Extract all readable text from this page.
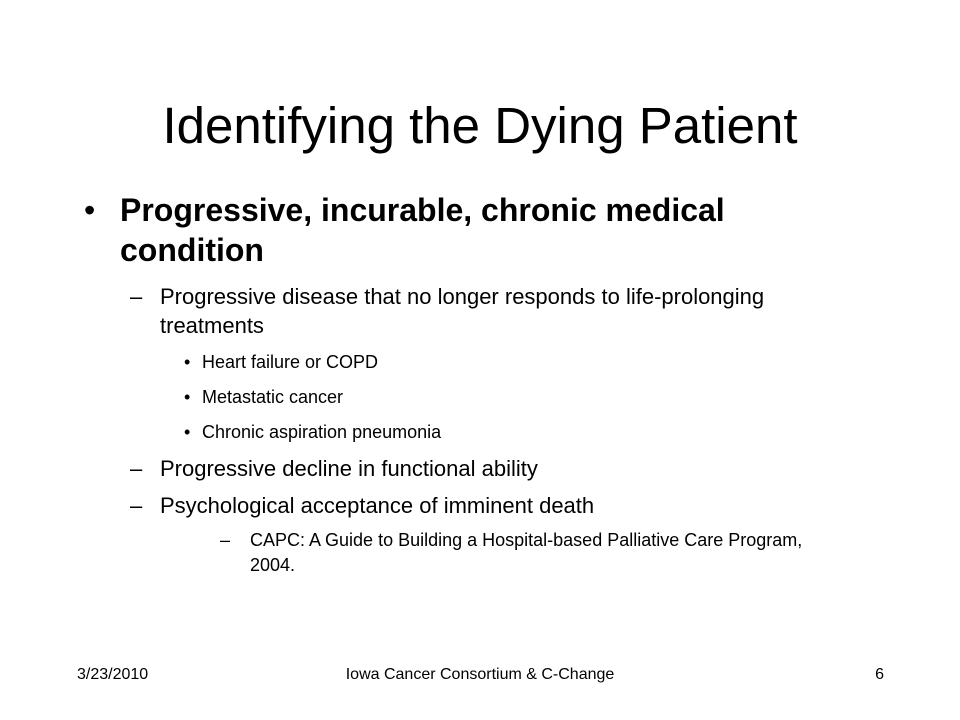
Identifying the Dying Patient
• Progressive, incurable, chronic medical condition
– Progressive disease that no longer responds to life-prolonging treatments
• Heart failure or COPD
• Metastatic cancer
• Chronic aspiration pneumonia
– Progressive decline in functional ability
– Psychological acceptance of imminent death
– CAPC: A Guide to Building a Hospital-based Palliative Care Program, 2004.
3/23/2010	Iowa Cancer Consortium & C-Change	6
